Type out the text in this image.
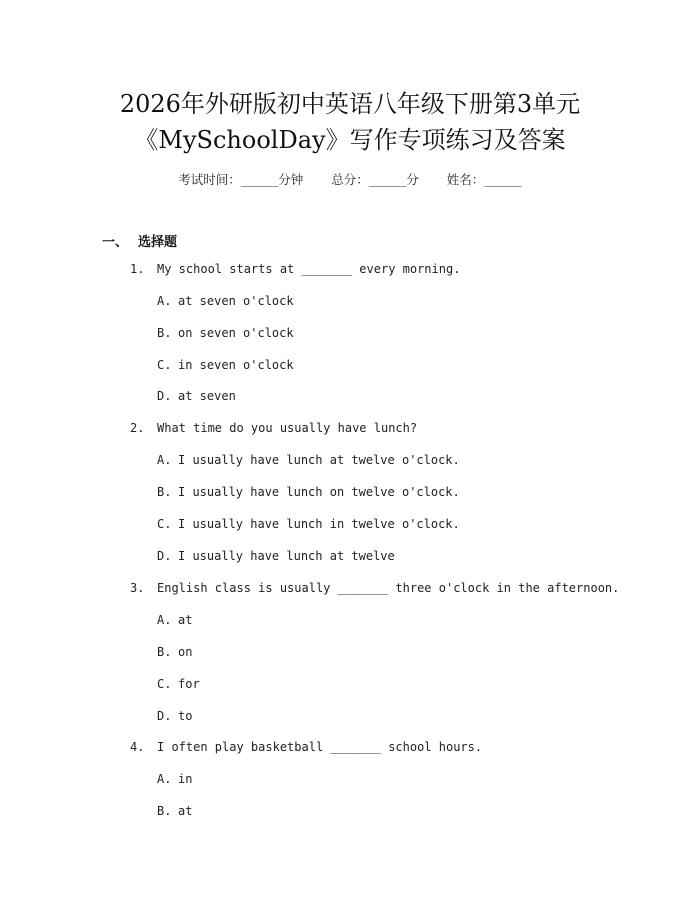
2026年外研版初中英语八年级下册第3单元
《MySchoolDay》写作专项练习及答案
考试时间：______分钟 总分：______分 姓名：______
一、 选择题
1. My school starts at _______ every morning.
A. at seven o'clock
B. on seven o'clock
C. in seven o'clock
D. at seven
2. What time do you usually have lunch?
A. I usually have lunch at twelve o'clock.
B. I usually have lunch on twelve o'clock.
C. I usually have lunch in twelve o'clock.
D. I usually have lunch at twelve
3. English class is usually _______ three o'clock in the afternoon.
A. at
B. on
C. for
D. to
4. I often play basketball _______ school hours.
A. in
B. at
